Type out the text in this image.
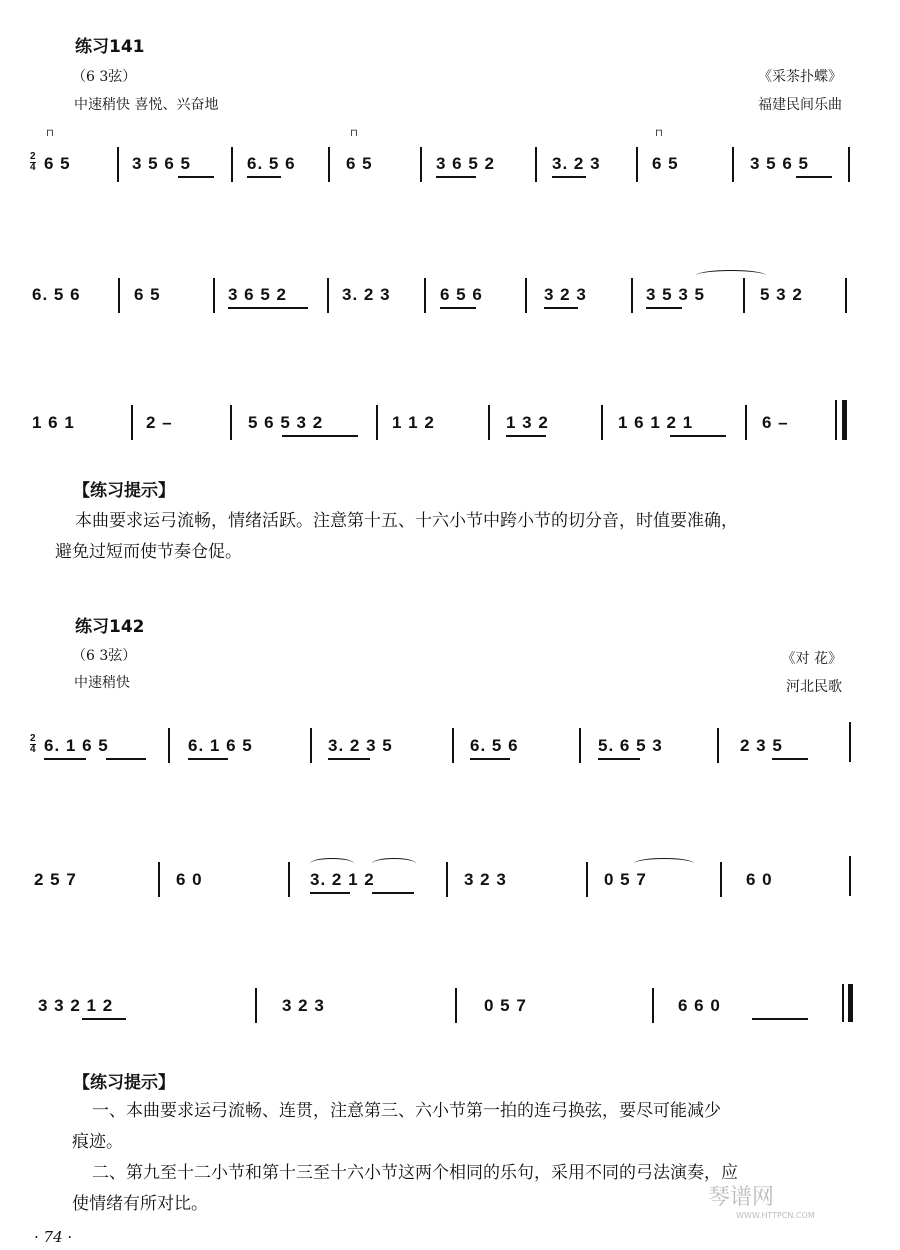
练习141
（6 3弦）
中速稍快 喜悦、兴奋地
《采茶扑蝶》
福建民间乐曲
2
4 6 5	3 5 6 5	6. 5 6	6 5	3 6 5 2	3. 2 3	6 5	3 5 6 5
⊓	⊓	⊓
6. 5 6	6 5	3 6 5 2	3. 2 3	6 5 6	3 2 3	3 5 3 5	5 3 2
1 6 1	2 –	5 6 5 3 2	1 1 2	1 3 2	1 6 1 2 1	6 –
【练习提示】
本曲要求运弓流畅，情绪活跃。注意第十五、十六小节中跨小节的切分音，时值要准确，
避免过短而使节奏仓促。
练习142
（6 3弦）
中速稍快
《对 花》
河北民歌
2
4 6. 1 6 5	6. 1 6 5	3. 2 3 5	6. 5 6	5. 6 5 3	2 3 5
2 5 7	6 0	3. 2 1 2	3 2 3	0 5 7	6 0
3 3 2 1 2	3 2 3	0 5 7	6 6 0
【练习提示】
一、本曲要求运弓流畅、连贯，注意第三、六小节第一拍的连弓换弦，要尽可能减少
痕迹。
二、第九至十二小节和第十三至十六小节这两个相同的乐句，采用不同的弓法演奏，应
使情绪有所对比。
· 74 ·
琴谱网
WWW.HTTPCN.COM
